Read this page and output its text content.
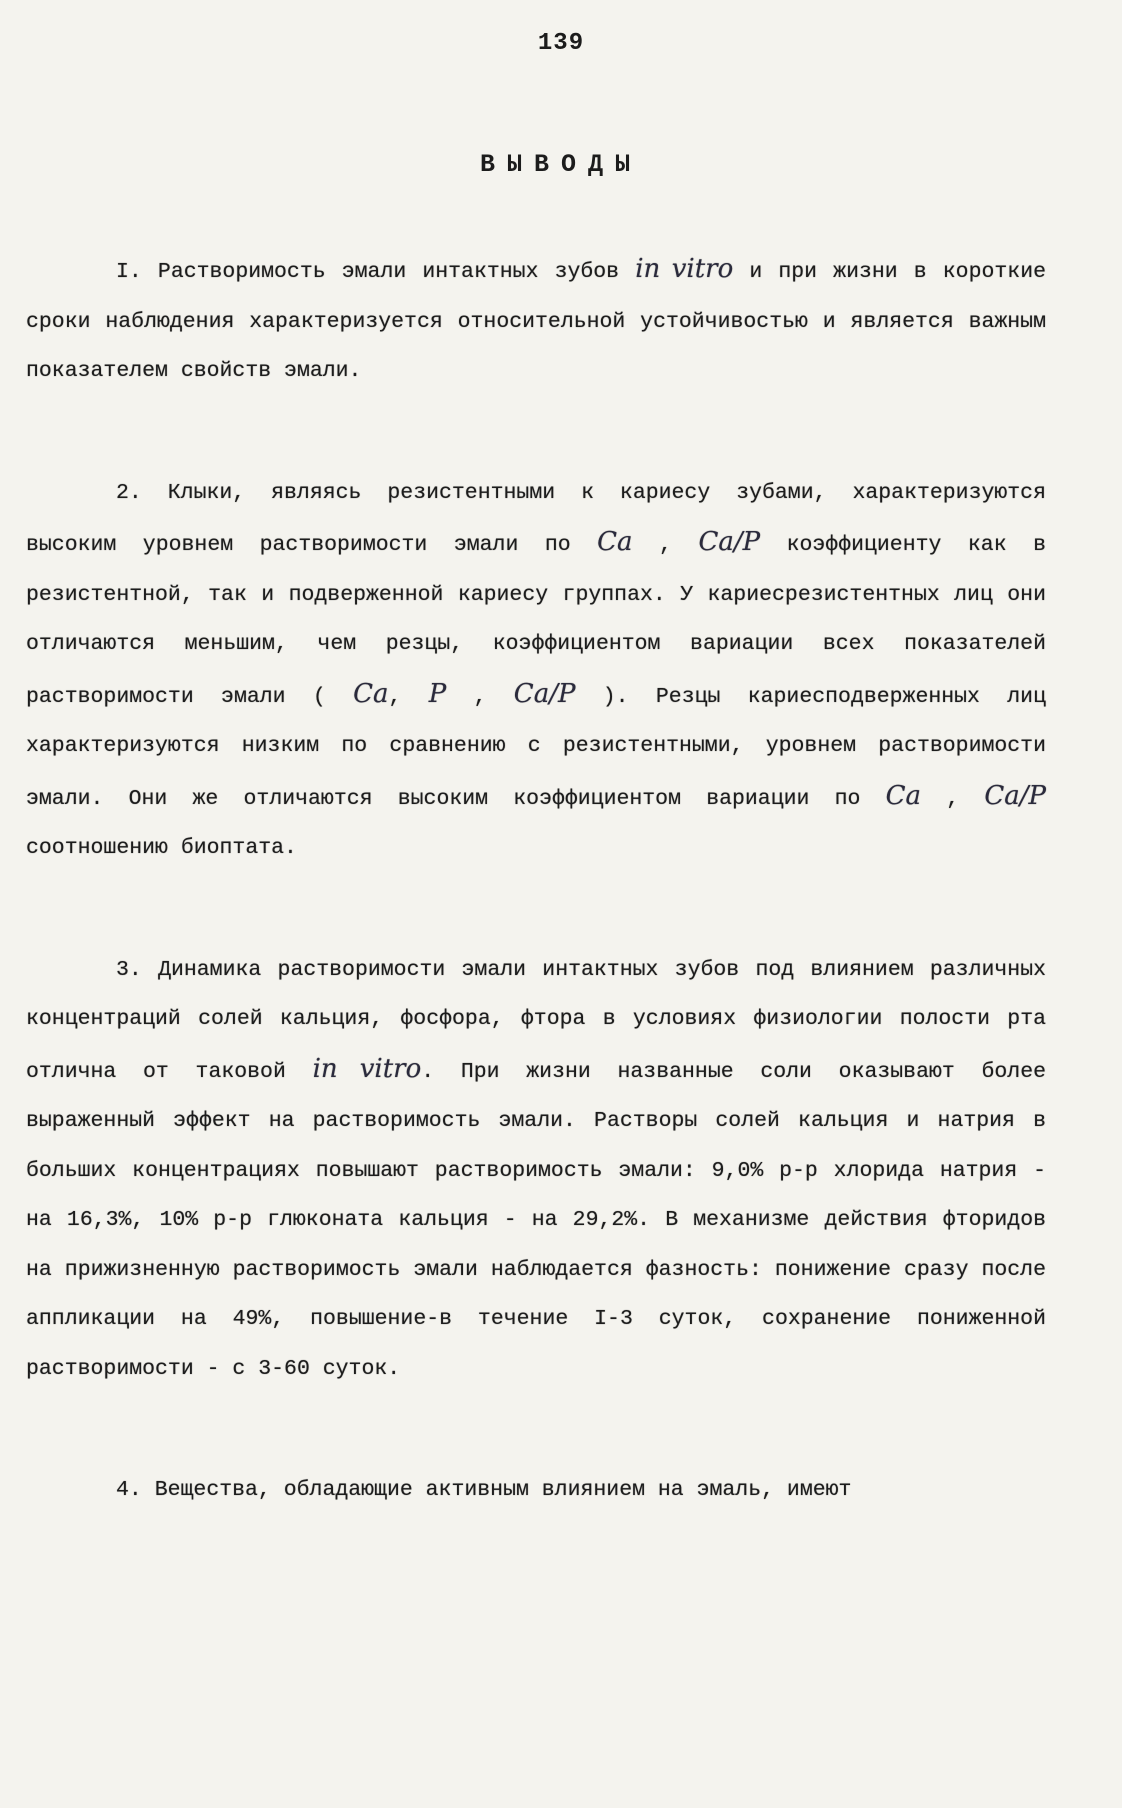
139
ВЫВОДЫ

I. Растворимость эмали интактных зубов in vitro и при жизни в короткие сроки наблюдения характеризуется относительной устойчивостью и является важным показателем свойств эмали.

2. Клыки, являясь резистентными к кариесу зубами, характеризуются высоким уровнем растворимости эмали по Ca , Ca/P коэффициенту как в резистентной, так и подверженной кариесу группах. У кариесрезистентных лиц они отличаются меньшим, чем резцы, коэффициентом вариации всех показателей растворимости эмали ( Ca, P , Ca/P ). Резцы кариесподверженных лиц характеризуются низким по сравнению с резистентными, уровнем растворимости эмали. Они же отличаются высоким коэффициентом вариации по Ca , Ca/P соотношению биоптата.

3. Динамика растворимости эмали интактных зубов под влиянием различных концентраций солей кальция, фосфора, фтора в условиях физиологии полости рта отлична от таковой in vitro. При жизни названные соли оказывают более выраженный эффект на растворимость эмали. Растворы солей кальция и натрия в больших концентрациях повышают растворимость эмали: 9,0% р-р хлорида натрия - на 16,3%, 10% р-р глюконата кальция - на 29,2%. В механизме действия фторидов на прижизненную растворимость эмали наблюдается фазность: понижение сразу после аппликации на 49%, повышение-в течение I-3 суток, сохранение пониженной растворимости - с 3-60 суток.

4. Вещества, обладающие активным влиянием на эмаль, имеют
